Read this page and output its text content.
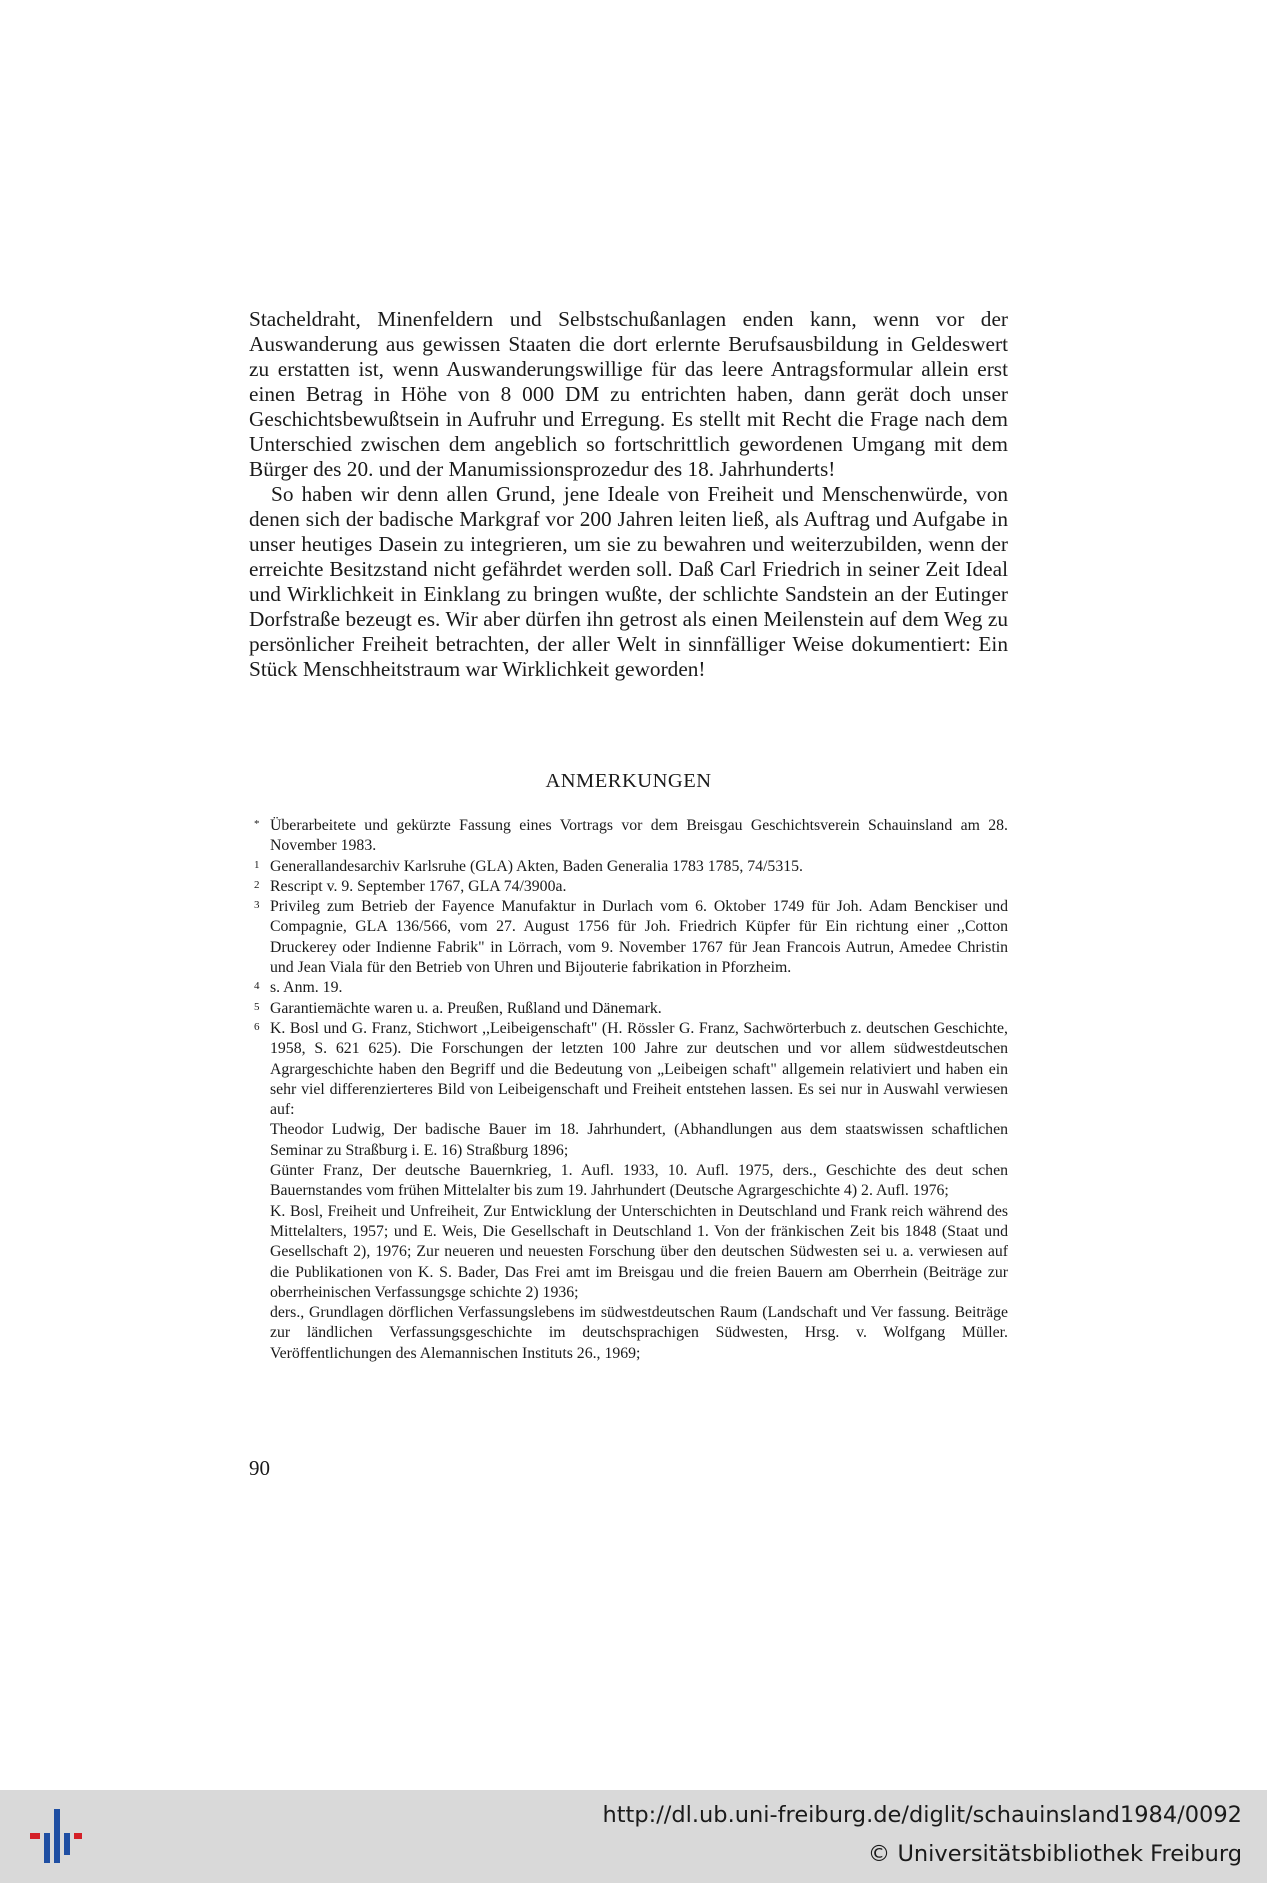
Stacheldraht, Minenfeldern und Selbstschußanlagen enden kann, wenn vor der Auswanderung aus gewissen Staaten die dort erlernte Berufsausbildung in Geldeswert zu erstatten ist, wenn Auswanderungswillige für das leere Antragsformular allein erst einen Betrag in Höhe von 8 000 DM zu entrichten haben, dann gerät doch unser Geschichtsbewußtsein in Aufruhr und Erregung. Es stellt mit Recht die Frage nach dem Unterschied zwischen dem angeblich so fortschrittlich gewordenen Umgang mit dem Bürger des 20. und der Manumissionsprozedur des 18. Jahrhunderts!

So haben wir denn allen Grund, jene Ideale von Freiheit und Menschenwürde, von denen sich der badische Markgraf vor 200 Jahren leiten ließ, als Auftrag und Aufgabe in unser heutiges Dasein zu integrieren, um sie zu bewahren und weiterzubilden, wenn der erreichte Besitzstand nicht gefährdet werden soll. Daß Carl Friedrich in seiner Zeit Ideal und Wirklichkeit in Einklang zu bringen wußte, der schlichte Sandstein an der Eutinger Dorfstraße bezeugt es. Wir aber dürfen ihn getrost als einen Meilenstein auf dem Weg zu persönlicher Freiheit betrachten, der aller Welt in sinnfälliger Weise dokumentiert: Ein Stück Menschheitstraum war Wirklichkeit geworden!

ANMERKUNGEN
* Überarbeitete und gekürzte Fassung eines Vortrags vor dem Breisgau Geschichtsverein Schauinsland am 28. November 1983.

1 Generallandesarchiv Karlsruhe (GLA) Akten, Baden Generalia 1783 1785, 74/5315.

2 Rescript v. 9. September 1767, GLA 74/3900a.

3 Privileg zum Betrieb der Fayence Manufaktur in Durlach vom 6. Oktober 1749 für Joh. Adam Benckiser und Compagnie, GLA 136/566, vom 27. August 1756 für Joh. Friedrich Küpfer für Ein richtung einer ,,Cotton Druckerey oder Indienne Fabrik" in Lörrach, vom 9. November 1767 für Jean Francois Autrun, Amedee Christin und Jean Viala für den Betrieb von Uhren und Bijouterie fabrikation in Pforzheim.

4 s. Anm. 19.

5 Garantiemächte waren u. a. Preußen, Rußland und Dänemark.

6 K. Bosl und G. Franz, Stichwort ,,Leibeigenschaft" (H. Rössler G. Franz, Sachwörterbuch z. deutschen Geschichte, 1958, S. 621 625). Die Forschungen der letzten 100 Jahre zur deutschen und vor allem südwestdeutschen Agrargeschichte haben den Begriff und die Bedeutung von „Leibeigen schaft" allgemein relativiert und haben ein sehr viel differenzierteres Bild von Leibeigenschaft und Freiheit entstehen lassen. Es sei nur in Auswahl verwiesen auf:

Theodor Ludwig, Der badische Bauer im 18. Jahrhundert, (Abhandlungen aus dem staatswissen schaftlichen Seminar zu Straßburg i. E. 16) Straßburg 1896;

Günter Franz, Der deutsche Bauernkrieg, 1. Aufl. 1933, 10. Aufl. 1975, ders., Geschichte des deut schen Bauernstandes vom frühen Mittelalter bis zum 19. Jahrhundert (Deutsche Agrargeschichte 4) 2. Aufl. 1976;

K. Bosl, Freiheit und Unfreiheit, Zur Entwicklung der Unterschichten in Deutschland und Frank reich während des Mittelalters, 1957; und E. Weis, Die Gesellschaft in Deutschland 1. Von der fränkischen Zeit bis 1848 (Staat und Gesellschaft 2), 1976; Zur neueren und neuesten Forschung über den deutschen Südwesten sei u. a. verwiesen auf die Publikationen von K. S. Bader, Das Frei amt im Breisgau und die freien Bauern am Oberrhein (Beiträge zur oberrheinischen Verfassungsge schichte 2) 1936;

ders., Grundlagen dörflichen Verfassungslebens im südwestdeutschen Raum (Landschaft und Ver fassung. Beiträge zur ländlichen Verfassungsgeschichte im deutschsprachigen Südwesten, Hrsg. v. Wolfgang Müller. Veröffentlichungen des Alemannischen Instituts 26., 1969;

90
http://dl.ub.uni-freiburg.de/diglit/schauinsland1984/0092
© Universitätsbibliothek Freiburg
